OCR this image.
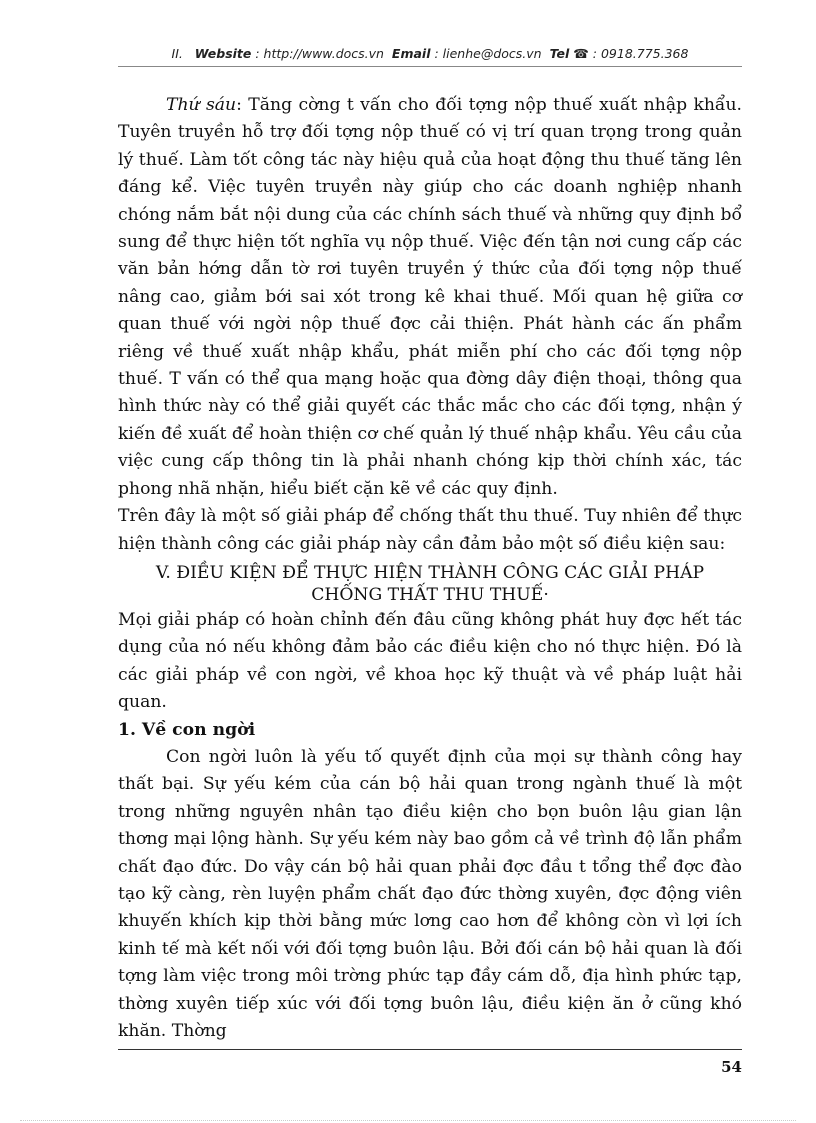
II. Website : http://www.docs.vn Email : lienhe@docs.vn Tel ☎ : 0918.775.368

Thứ sáu: Tăng cờng t vấn cho đối tợng nộp thuế xuất nhập khẩu. Tuyên truyền hỗ trợ đối tợng nộp thuế có vị trí quan trọng trong quản lý thuế. Làm tốt công tác này hiệu quả của hoạt động thu thuế tăng lên đáng kể. Việc tuyên truyền này giúp cho các doanh nghiệp nhanh chóng nắm bắt nội dung của các chính sách thuế và những quy định bổ sung để thực hiện tốt nghĩa vụ nộp thuế. Việc đến tận nơi cung cấp các văn bản hớng dẫn tờ rơi tuyên truyền ý thức của đối tợng nộp thuế nâng cao, giảm bới sai xót trong kê khai thuế. Mối quan hệ giữa cơ quan thuế với ngời nộp thuế đợc cải thiện. Phát hành các ấn phẩm riêng về thuế xuất nhập khẩu, phát miễn phí cho các đối tợng nộp thuế. T vấn có thể qua mạng hoặc qua đờng dây điện thoại, thông qua hình thức này có thể giải quyết các thắc mắc cho các đối tợng, nhận ý kiến đề xuất để hoàn thiện cơ chế quản lý thuế nhập khẩu. Yêu cầu của việc cung cấp thông tin là phải nhanh chóng kịp thời chính xác, tác phong nhã nhặn, hiểu biết cặn kẽ về các quy định.

Trên đây là một số giải pháp để chống thất thu thuế. Tuy nhiên để thực hiện thành công các giải pháp này cần đảm bảo một số điều kiện sau:

V. ĐIỀU KIỆN ĐỂ THỰC HIỆN THÀNH CÔNG CÁC GIẢI PHÁP

CHỐNG THẤT THU THUẾ·

Mọi giải pháp có hoàn chỉnh đến đâu cũng không phát huy đợc hết tác dụng của nó nếu không đảm bảo các điều kiện cho nó thực hiện. Đó là các giải pháp về con ngời, về khoa học kỹ thuật và về pháp luật hải quan.

1. Về con ngời

Con ngời luôn là yếu tố quyết định của mọi sự thành công hay thất bại. Sự yếu kém của cán bộ hải quan trong ngành thuế là một trong những nguyên nhân tạo điều kiện cho bọn buôn lậu gian lận thơng mại lộng hành. Sự yếu kém này bao gồm cả về trình độ lẫn phẩm chất đạo đức. Do vậy cán bộ hải quan phải đợc đầu t tổng thể đợc đào tạo kỹ càng, rèn luyện phẩm chất đạo đức thờng xuyên, đợc động viên khuyến khích kịp thời bằng mức lơng cao hơn để không còn vì lợi ích kinh tế mà kết nối với đối tợng buôn lậu. Bởi đối cán bộ hải quan là đối tợng làm việc trong môi trờng phức tạp đầy cám dỗ, địa hình phức tạp, thờng xuyên tiếp xúc với đối tợng buôn lậu, điều kiện ăn ở cũng khó khăn. Thờng

54
